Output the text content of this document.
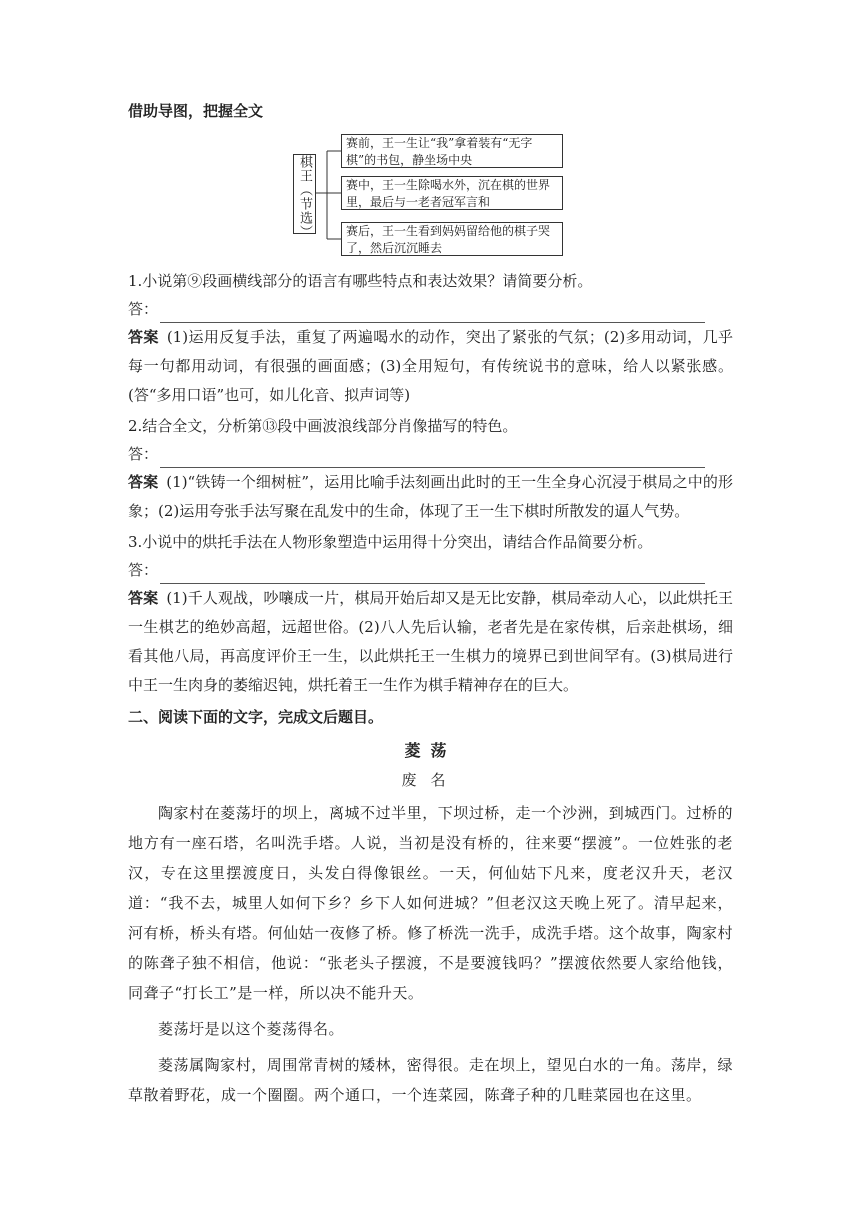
借助导图，把握全文
棋王（节选）
赛前，王一生让“我”拿着装有“无字棋”的书包，静坐场中央
赛中，王一生除喝水外，沉在棋的世界里，最后与一老者冠军言和
赛后，王一生看到妈妈留给他的棋子哭了，然后沉沉睡去

1.小说第⑨段画横线部分的语言有哪些特点和表达效果？请简要分析。

答：

答案 (1)运用反复手法，重复了两遍喝水的动作，突出了紧张的气氛；(2)多用动词，几乎每一句都用动词，有很强的画面感；(3)全用短句，有传统说书的意味，给人以紧张感。(答“多用口语”也可，如儿化音、拟声词等)

2.结合全文，分析第⑬段中画波浪线部分肖像描写的特色。

答：

答案 (1)“铁铸一个细树桩”，运用比喻手法刻画出此时的王一生全身心沉浸于棋局之中的形象；(2)运用夸张手法写聚在乱发中的生命，体现了王一生下棋时所散发的逼人气势。

3.小说中的烘托手法在人物形象塑造中运用得十分突出，请结合作品简要分析。

答：

答案 (1)千人观战，吵嚷成一片，棋局开始后却又是无比安静，棋局牵动人心，以此烘托王一生棋艺的绝妙高超，远超世俗。(2)八人先后认输，老者先是在家传棋，后亲赴棋场，细看其他八局，再高度评价王一生，以此烘托王一生棋力的境界已到世间罕有。(3)棋局进行中王一生肉身的萎缩迟钝，烘托着王一生作为棋手精神存在的巨大。

二、阅读下面的文字，完成文后题目。
菱荡
废名

陶家村在菱荡圩的坝上，离城不过半里，下坝过桥，走一个沙洲，到城西门。过桥的地方有一座石塔，名叫洗手塔。人说，当初是没有桥的，往来要“摆渡”。一位姓张的老汉，专在这里摆渡度日，头发白得像银丝。一天，何仙姑下凡来，度老汉升天，老汉道：“我不去，城里人如何下乡？乡下人如何进城？”但老汉这天晚上死了。清早起来，河有桥，桥头有塔。何仙姑一夜修了桥。修了桥洗一洗手，成洗手塔。这个故事，陶家村的陈聋子独不相信，他说：“张老头子摆渡，不是要渡钱吗？”摆渡依然要人家给他钱，同聋子“打长工”是一样，所以决不能升天。

菱荡圩是以这个菱荡得名。

菱荡属陶家村，周围常青树的矮林，密得很。走在坝上，望见白水的一角。荡岸，绿草散着野花，成一个圈圈。两个通口，一个连菜园，陈聋子种的几畦菜园也在这里。
